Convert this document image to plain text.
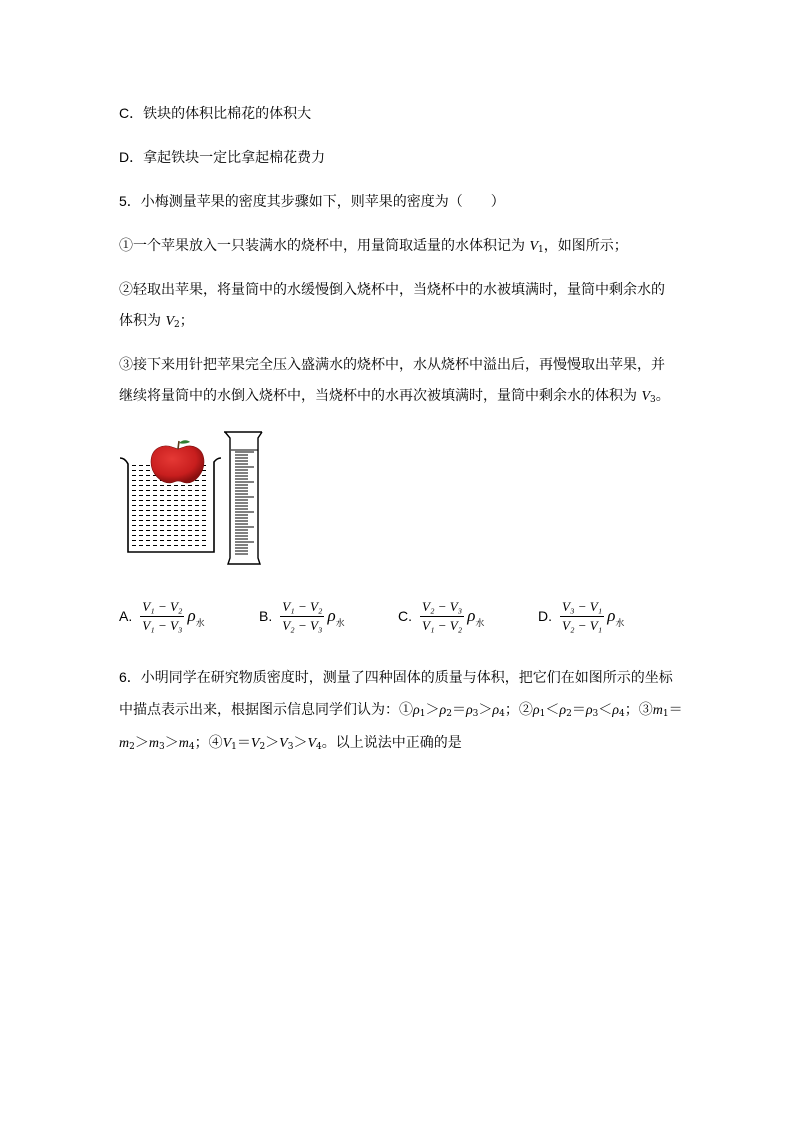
C．铁块的体积比棉花的体积大
D．拿起铁块一定比拿起棉花费力
5．小梅测量苹果的密度其步骤如下，则苹果的密度为（　　）
①一个苹果放入一只装满水的烧杯中，用量筒取适量的水体积记为 $V_1$，如图所示；
②轻取出苹果，将量筒中的水缓慢倒入烧杯中，当烧杯中的水被填满时，量筒中剩余水的
体积为 $V_2$；
③接下来用针把苹果完全压入盛满水的烧杯中，水从烧杯中溢出后，再慢慢取出苹果，并
继续将量筒中的水倒入烧杯中，当烧杯中的水再次被填满时，量筒中剩余水的体积为 $V_3$。
A. $\frac{\text{V₁ − V₂}}{\text{V₁ − V₃}}$ ρ 水	B. $\frac{\text{V₁ − V₂}}{\text{V₂ − V₃}}$ ρ 水	C. $\frac{\text{V₂ − V₃}}{\text{V₁ − V₂}}$ ρ 水	D. $\frac{\text{V₃ − V₁}}{\text{V₂ − V₁}}$ ρ 水
6．小明同学在研究物质密度时，测量了四种固体的质量与体积，把它们在如图所示的坐标
中描点表示出来，根据图示信息同学们认为：$①\rho_1>\rho_2=\rho_3>\rho_4$；$②\rho_1<\rho_2=\rho_3<\rho_4$；$③m_1=$
$m_2>m_3>m_4$；$④V_1=V_2>V_3>V_4$。以上说法中正确的是
